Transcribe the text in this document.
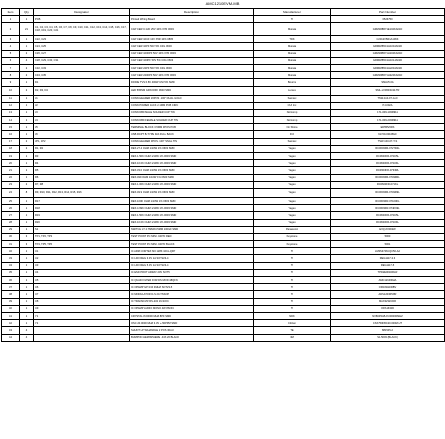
AMC1210EVM-MB
Item	Qty	Designator	Description	Manufacturer	Part Number
1	1	PCB	Printed Wiring Board	TI	6526750
2	21	C1, C2, C3, C4, C5, C6, C7, C8, C9, C10, C11, C12, C13, C14, C15, C16, C17, C18, C19, C20, C21	CAP CER 0.1UF 25V 10% X7R 0603	Murata	GRM188R71E104KA01D
3	1	C22, C23	CAP CER 10UF 10V X5R 10% 0805	TDK	C2012X5R1A106K
4	1	C24, C25	CAP CER 10PF 50V 5% C0G 0603	Murata	GRM1885C1H100JA01D
5	2	C26, C27	CAP CER 1000PF 50V 10% X7R 0603	Murata	GRM188R71H102KA01D
6	4	C28, C29, C30, C31	CAP CER 100PF 50V 5% C0G 0603	Murata	GRM1885C1H101JA01D
7	2	C32, C33	CAP CER 22PF 50V 5% C0G 0603	Murata	GRM1885C1H220JA01D
8	2	C34, C35	CAP CER 2200PF 50V 10% X7R 0603	Murata	GRM188R71H222KA01D
9	1	D1	DIODE TVS 6.8V 400W UNI 5% SMD	Bourns	SMAJ5.0A
10	2	D2, D3, D4	LED 565NM GRN DIFF 0603 SMD	Lumex	SML-LX0603GW-TR
11	1	J1	CONN HEADER 20POS .100" DUAL GOLD	Samtec	TSW-110-07-G-D
12	1	J2	CONN POWER JACK 2.1MM PCB CIRC	CUI Inc	PJ-002A
13	1	J3	CONN DB9 MALE SOLDER CUP TIN	Norcomp	171-009-103R911
14	1	J4	CONN DB9 FEMALE SOLDER CUP TIN	Norcomp	171-009-203R911
15	1	J5	TERMINAL BLOCK 3.5MM 3POS PCB	On Shore	ED555/3DS
16	1	J6	USB RCPT B-TYPE R/A FULL BACK	FCI	61729-0010BLF
17	2	JP1, JP2	CONN HEADER 3POS .100" SNGL TIN	Samtec	TSW-103-07-T-S
18	2	R1, R2	RES 27.4 OHM 1/10W 1% 0603 SMD	Yageo	RC0603FR-0727R4L
19	1	R3	RES 1.50K OHM 1/10W 1% 0603 SMD	Yageo	RC0603FR-071K5L
20	1	R4	RES 10.0K OHM 1/10W 1% 0603 SMD	Yageo	RC0603FR-0710KL
21	1	R5	RES 33.0 OHM 1/10W 1% 0603 SMD	Yageo	RC0603FR-0733RL
22	1	R6	RES 499 OHM 1/10W 1% 0603 SMD	Yageo	RC0603FR-07499RL
23	2	R7, R8	RES 1.00K OHM 1/10W 1% 0603 SMD	Yageo	RC0603FR-071KL
24	8	R9, R10, R11, R12, R13, R14, R15, R16	RES 49.9 OHM 1/10W 1% 0603 SMD	Yageo	RC0603FR-0749R9L
25	1	R17	RES 100K OHM 1/10W 1% 0603 SMD	Yageo	RC0603FR-07100KL
26	1	R18	RES 4.99K OHM 1/10W 1% 0603 SMD	Yageo	RC0603FR-074K99L
27	1	R19	RES 1.50K OHM 1/10W 1% 0603 SMD	Yageo	RC0603FR-071K5L
28	1	R20	RES 10.0K OHM 1/10W 1% 0603 SMD	Yageo	RC0603FR-0710KL
29	1	S1	SWITCH LT 4.7MMX3.5MM 100GF SMD	Panasonic	EVQ-P2002W
30	3	TP1, TP2, TP3	TEST POINT PC MINI .040"D RED	Keystone	5000
31	3	TP4, TP5, TP6	TEST POINT PC MINI .040"D BLACK	Keystone	5001
32	1	U1	IC ARM CORTEX M3 128K 100-LQFP	TI	LM3S3748-IQC50-A2
33	1	U2	IC LDO REG 3.3V 1A SOT223-4	TI	REG1117-3.3
34	1	U3	IC LDO REG 5.0V 1A SOT223-4	TI	REG1117-5
35	1	U4	IC ESD PROT ARRAY 20V SOT5	TI	TPD2E001DRLR
36	1	U5	IC QUAD FILTER FOR DS MOD 48QFN	TI	AMC1210IRHA
37	1	U6	IC OPAMP GP R-R 4MHZ SOT23-5	TI	OPA333AIDBV
38	1	U7	IC MODULATOR D-S 20-TSSOP	TI	ADS1203IPWR
39	1	U8	IC TRANSCVR RS-232 16-SOIC	TI	MAX3232CDR
40	1	U9	IC OPAMP AUDIO MONO 4W 8SOIC	TI	OPA1632D
41	1	Y1	CRYSTAL 8.00000 MHZ 8PF SMD	NDK	NX8045GB-8.000000MHZ
42	1	Y2	OSC 20.0000 MHZ 3.3V +-50PPM SMD	Citizen	CSX750FBC20.000M-UT
43	4		SHUNT LP W/HANDLE 2 POS 30AU	TE	881545-2
44	4		BUMPON HEMISPHERE .44X.20 BLACK	3M	SJ-5003 (BLACK)
